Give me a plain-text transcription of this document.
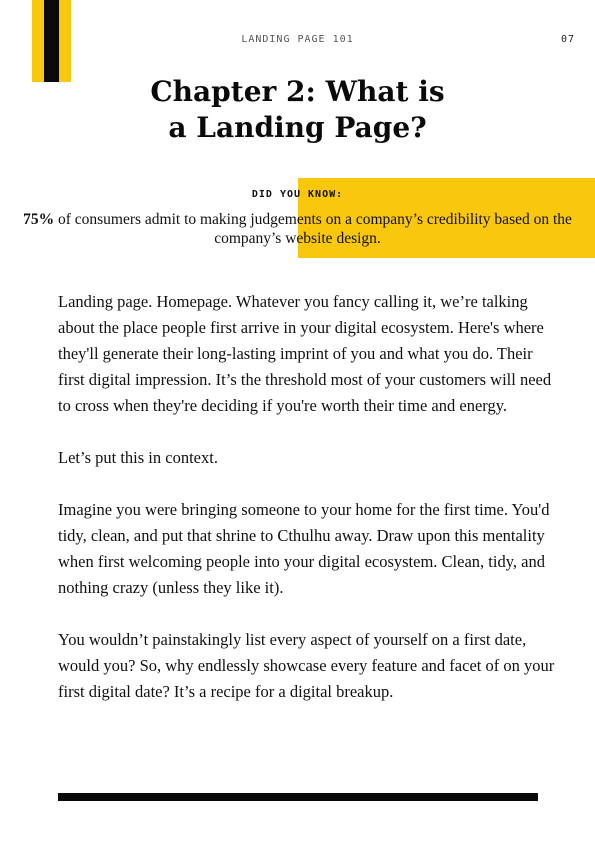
LANDING PAGE 101	07
Chapter 2: What is
a Landing Page?
DID YOU KNOW:
75% of consumers admit to making judgements on a company’s credibility based on the company’s website design.

Landing page. Homepage. Whatever you fancy calling it, we’re talking about the place people first arrive in your digital ecosystem. Here's where they'll generate their long-lasting imprint of you and what you do. Their first digital impression. It’s the threshold most of your customers will need to cross when they're deciding if you're worth their time and energy.

Let’s put this in context.

Imagine you were bringing someone to your home for the first time. You'd tidy, clean, and put that shrine to Cthulhu away. Draw upon this mentality when first welcoming people into your digital ecosystem. Clean, tidy, and nothing crazy (unless they like it).

You wouldn’t painstakingly list every aspect of yourself on a first date, would you? So, why endlessly showcase every feature and facet of on your first digital date? It’s a recipe for a digital breakup.
